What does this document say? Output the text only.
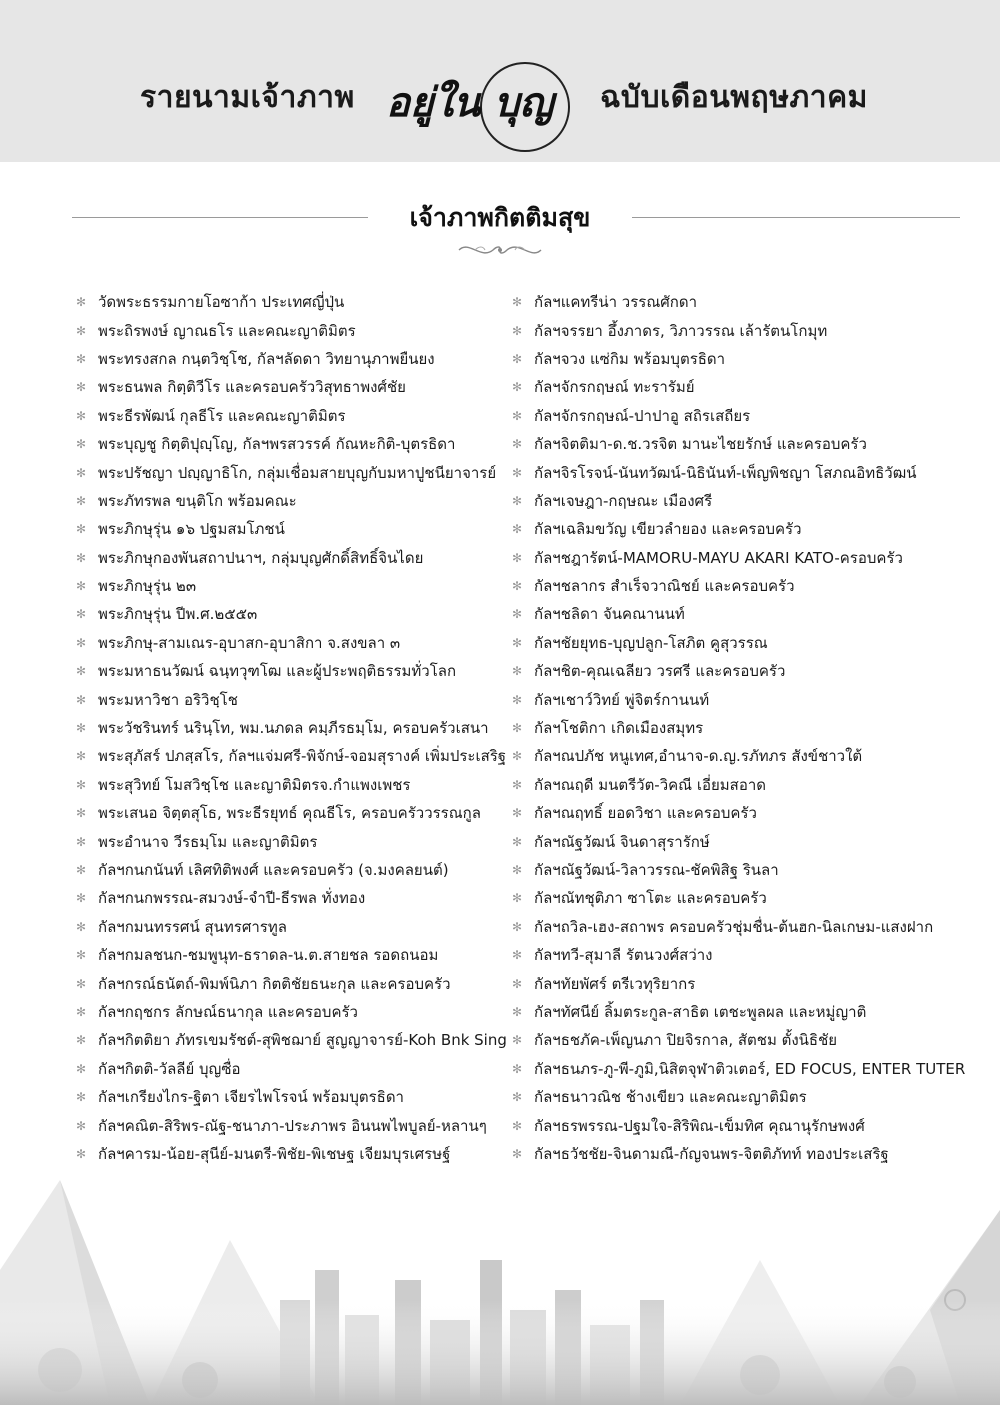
รายนามเจ้าภาพ อยู่ใน บุญ ฉบับเดือนพฤษภาคม
เจ้าภาพกิตติมสุข
✻ วัดพระธรรมกายโอซาก้า ประเทศญี่ปุ่น
✻ พระถิรพงษ์ ญาณธโร และคณะญาติมิตร
✻ พระทรงสกล กนฺตวิชฺโช, กัลฯลัดดา วิทยานุภาพยืนยง
✻ พระธนพล กิตฺติวีโร และครอบครัววิสุทธาพงศ์ชัย
✻ พระธีรพัฒน์ กุลธีโร และคณะญาติมิตร
✻ พระบุญชู กิตฺติปุญฺโญ, กัลฯพรสวรรค์ กัณหะกิติ-บุตรธิดา
✻ พระปรัชญา ปญฺญาธิโก, กลุ่มเชื่อมสายบุญกับมหาปูชนียาจารย์
✻ พระภัทรพล ขนฺติโก พร้อมคณะ
✻ พระภิกษุรุ่น ๑๖ ปฐมสมโภชน์
✻ พระภิกษุกองพันสถาปนาฯ, กลุ่มบุญศักดิ์สิทธิ์จินไดย
✻ พระภิกษุรุ่น ๒๓
✻ พระภิกษุรุ่น ปีพ.ศ.๒๕๕๓
✻ พระภิกษุ-สามเณร-อุบาสก-อุบาสิกา จ.สงขลา ๓
✻ พระมหาธนวัฒน์ ฉนฺทวุฑโฒ และผู้ประพฤติธรรมทั่วโลก
✻ พระมหาวิชา อริวิชฺโช
✻ พระวัชรินทร์ นรินฺโท, พม.นภดล คมฺภีรธมฺโม, ครอบครัวเสนา
✻ พระสุภัสร์ ปภสฺสโร, กัลฯแจ่มศรี-พิจักษ์-จอมสุรางค์ เพิ่มประเสริฐ
✻ พระสุวิทย์ โมสวิชฺโช และญาติมิตรจ.กำแพงเพชร
✻ พระเสนอ จิตฺตสุโธ, พระธีรยุทธ์ คุณธีโร, ครอบครัววรรณกูล
✻ พระอำนาจ วีรธมฺโม และญาติมิตร
✻ กัลฯกนกนันท์ เลิศทิติพงศ์ และครอบครัว (จ.มงคลยนต์)
✻ กัลฯกนกพรรณ-สมวงษ์-จำปี-ธีรพล ทั่งทอง
✻ กัลฯกมนทรรศน์ สุนทรศารทูล
✻ กัลฯกมลชนก-ชมพูนุท-ธราดล-น.ต.สายชล รอดถนอม
✻ กัลฯกรณ์ธนัตถ์-พิมพ์นิภา กิตติชัยธนะกุล และครอบครัว
✻ กัลฯกฤชกร ลักษณ์ธนากุล และครอบครัว
✻ กัลฯกิตติยา ภัทรเขมรัชต์-สุพิชฌาย์ สูญญาจารย์-Koh Bnk Sing
✻ กัลฯกิตติ-วัลลีย์ บุญซื่อ
✻ กัลฯเกรียงไกร-ฐิตา เจียรไพโรจน์ พร้อมบุตรธิดา
✻ กัลฯคณิต-สิริพร-ณัฐ-ชนาภา-ประภาพร อินนพไพบูลย์-หลานๆ
✻ กัลฯคารม-น้อย-สุนีย์-มนตรี-พิชัย-พิเชษฐ เจียมบุรเศรษฐ์
✻ กัลฯแคทรีน่า วรรณศักดา
✻ กัลฯจรรยา อึ้งภาดร, วิภาวรรณ เล้ารัตนโกมุท
✻ กัลฯจวง แซ่กิม พร้อมบุตรธิดา
✻ กัลฯจักรกฤษณ์ ทะรารัมย์
✻ กัลฯจักรกฤษณ์-ปาปาอู สถิรเสถียร
✻ กัลฯจิตติมา-ด.ช.วรจิต มานะไชยรักษ์ และครอบครัว
✻ กัลฯจิรโรจน์-นันทวัฒน์-นิธินันท์-เพ็ญพิชญา โสภณอิทธิวัฒน์
✻ กัลฯเจษฎา-กฤษณะ เมืองศรี
✻ กัลฯเฉลิมขวัญ เขียวลำยอง และครอบครัว
✻ กัลฯชฎารัตน์-MAMORU-MAYU AKARI KATO-ครอบครัว
✻ กัลฯชลากร สำเร็จวาณิชย์ และครอบครัว
✻ กัลฯชลิดา จันคณานนท์
✻ กัลฯชัยยุทธ-บุญปลูก-โสภิต คูสุวรรณ
✻ กัลฯชิต-คุณเฉลียว วรศรี และครอบครัว
✻ กัลฯเชาว์วิทย์ พู่จิตร์กานนท์
✻ กัลฯโชติกา เกิดเมืองสมุทร
✻ กัลฯณปภัช หนูเทศ,อำนาจ-ด.ญ.รภัทภร สังข์ชาวใต้
✻ กัลฯณฤดี มนตรีวัต-วิคณี เอี่ยมสอาด
✻ กัลฯณฤทธิ์ ยอดวิชา และครอบครัว
✻ กัลฯณัฐวัฒน์ จินดาสุรารักษ์
✻ กัลฯณัฐวัฒน์-วิลาวรรณ-ชัคพิสิฐ รินลา
✻ กัลฯณัทชุติภา ซาโตะ และครอบครัว
✻ กัลฯถวิล-เฮง-สถาพร ครอบครัวชุ่มชื่น-ต้นฮก-นิลเกษม-แสงฝาก
✻ กัลฯทวี-สุมาลี รัตนวงศ์สว่าง
✻ กัลฯทัยพัศร์ ตรีเวทุริยากร
✻ กัลฯทัศนีย์ ลิ้มตระกูล-สาธิต เตชะพูลผล และหมู่ญาติ
✻ กัลฯธชภัค-เพ็ญนภา ปิยจิรกาล, สัตชม ตั้งนิธิชัย
✻ กัลฯธนภร-ภู-พี-ภูมิ,นิสิตจุฬาติวเตอร์, ED FOCUS, ENTER TUTER
✻ กัลฯธนาวณิช ช้างเขียว และคณะญาติมิตร
✻ กัลฯธรพรรณ-ปฐมใจ-สิริพิณ-เข็มทิศ คุณานุรักษพงศ์
✻ กัลฯธวัชชัย-จินดามณี-กัญจนพร-จิตติภัทท์ ทองประเสริฐ
